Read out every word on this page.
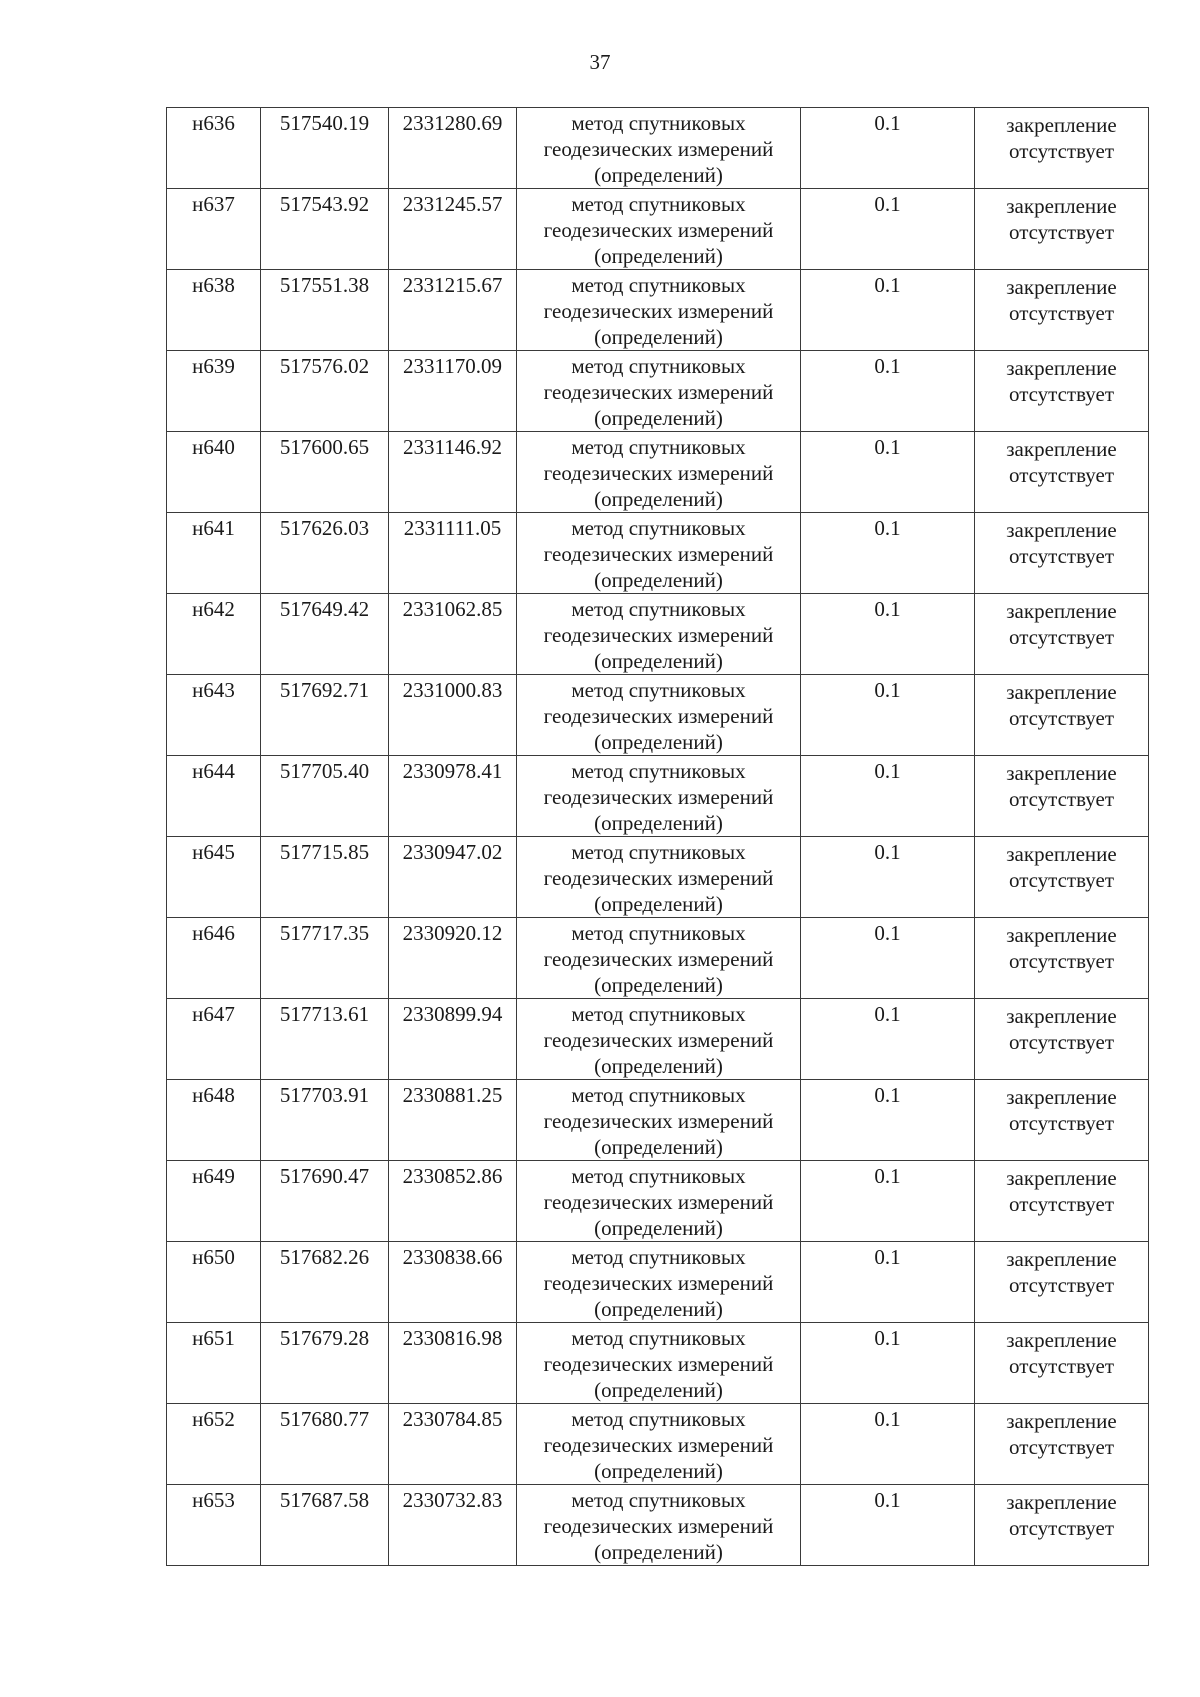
37
н636	517540.19	2331280.69	метод спутниковых
геодезических измерений
(определений)	0.1	закрепление
отсутствует

н637	517543.92	2331245.57	метод спутниковых
геодезических измерений
(определений)	0.1	закрепление
отсутствует

н638	517551.38	2331215.67	метод спутниковых
геодезических измерений
(определений)	0.1	закрепление
отсутствует

н639	517576.02	2331170.09	метод спутниковых
геодезических измерений
(определений)	0.1	закрепление
отсутствует

н640	517600.65	2331146.92	метод спутниковых
геодезических измерений
(определений)	0.1	закрепление
отсутствует

н641	517626.03	2331111.05	метод спутниковых
геодезических измерений
(определений)	0.1	закрепление
отсутствует

н642	517649.42	2331062.85	метод спутниковых
геодезических измерений
(определений)	0.1	закрепление
отсутствует

н643	517692.71	2331000.83	метод спутниковых
геодезических измерений
(определений)	0.1	закрепление
отсутствует

н644	517705.40	2330978.41	метод спутниковых
геодезических измерений
(определений)	0.1	закрепление
отсутствует

н645	517715.85	2330947.02	метод спутниковых
геодезических измерений
(определений)	0.1	закрепление
отсутствует

н646	517717.35	2330920.12	метод спутниковых
геодезических измерений
(определений)	0.1	закрепление
отсутствует

н647	517713.61	2330899.94	метод спутниковых
геодезических измерений
(определений)	0.1	закрепление
отсутствует

н648	517703.91	2330881.25	метод спутниковых
геодезических измерений
(определений)	0.1	закрепление
отсутствует

н649	517690.47	2330852.86	метод спутниковых
геодезических измерений
(определений)	0.1	закрепление
отсутствует

н650	517682.26	2330838.66	метод спутниковых
геодезических измерений
(определений)	0.1	закрепление
отсутствует

н651	517679.28	2330816.98	метод спутниковых
геодезических измерений
(определений)	0.1	закрепление
отсутствует

н652	517680.77	2330784.85	метод спутниковых
геодезических измерений
(определений)	0.1	закрепление
отсутствует

н653	517687.58	2330732.83	метод спутниковых
геодезических измерений
(определений)	0.1	закрепление
отсутствует
